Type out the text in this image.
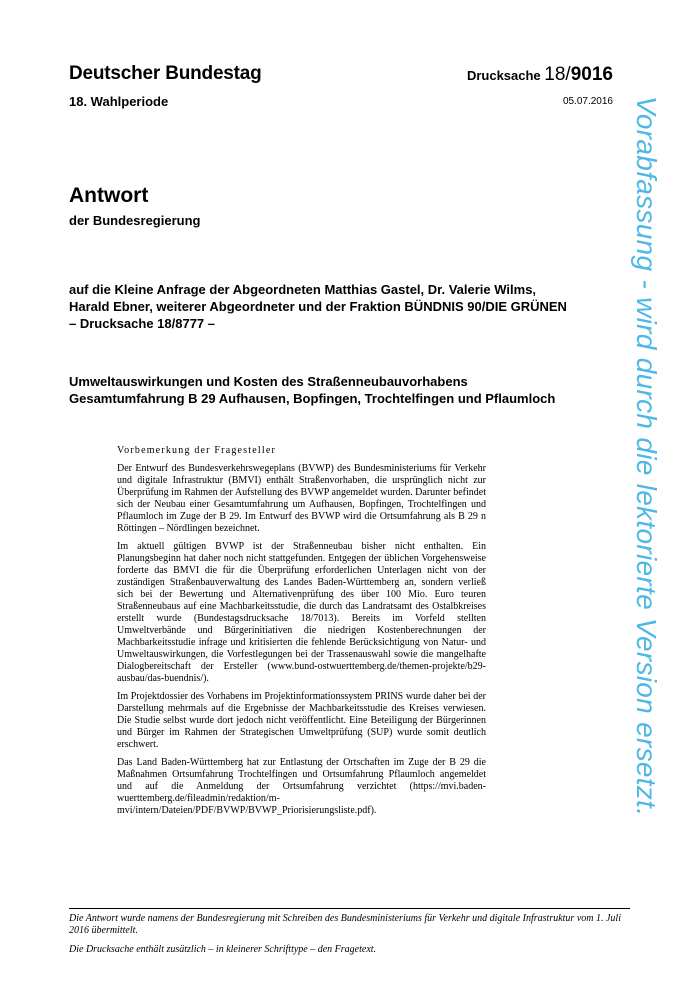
Deutscher Bundestag
18. Wahlperiode
Drucksache 18/9016
05.07.2016
Antwort
der Bundesregierung
auf die Kleine Anfrage der Abgeordneten Matthias Gastel, Dr. Valerie Wilms,
Harald Ebner, weiterer Abgeordneter und der Fraktion BÜNDNIS 90/DIE GRÜNEN
– Drucksache 18/8777 –
Umweltauswirkungen und Kosten des Straßenneubauvorhabens
Gesamtumfahrung B 29 Aufhausen, Bopfingen, Trochtelfingen und Pflaumloch
Vorbemerkung der Fragesteller

Der Entwurf des Bundesverkehrswegeplans (BVWP) des Bundesministeriums für Verkehr und digitale Infrastruktur (BMVI) enthält Straßenvorhaben, die ursprünglich nicht zur Überprüfung im Rahmen der Aufstellung des BVWP angemeldet wurden. Darunter befindet sich der Neubau einer Gesamtumfahrung um Aufhausen, Bopfingen, Trochtelfingen und Pflaumloch im Zuge der B 29. Im Entwurf des BVWP wird die Ortsumfahrung als B 29 n Röttingen – Nördlingen bezeichnet.

Im aktuell gültigen BVWP ist der Straßenneubau bisher nicht enthalten. Ein Planungsbeginn hat daher noch nicht stattgefunden. Entgegen der üblichen Vorgehensweise forderte das BMVI die für die Überprüfung erforderlichen Unterlagen nicht von der zuständigen Straßenbauverwaltung des Landes Baden-Württemberg an, sondern verließ sich bei der Bewertung und Alternativenprüfung des über 100 Mio. Euro teuren Straßenneubaus auf eine Machbarkeitsstudie, die durch das Landratsamt des Ostalbkreises erstellt wurde (Bundestagsdrucksache 18/7013). Bereits im Vorfeld stellten Umweltverbände und Bürgerinitiativen die niedrigen Kostenberechnungen der Machbarkeitsstudie infrage und kritisierten die fehlende Berücksichtigung von Natur- und Umweltauswirkungen, die Vorfestlegungen bei der Trassenauswahl sowie die mangelhafte Dialogbereitschaft der Ersteller (www.bund-ostwuerttemberg.de/themen-projekte/b29-ausbau/das-buendnis/).

Im Projektdossier des Vorhabens im Projektinformationssystem PRINS wurde daher bei der Darstellung mehrmals auf die Ergebnisse der Machbarkeitsstudie des Kreises verwiesen. Die Studie selbst wurde dort jedoch nicht veröffentlicht. Eine Beteiligung der Bürgerinnen und Bürger im Rahmen der Strategischen Umweltprüfung (SUP) wurde somit deutlich erschwert.

Das Land Baden-Württemberg hat zur Entlastung der Ortschaften im Zuge der B 29 die Maßnahmen Ortsumfahrung Trochtelfingen und Ortsumfahrung Pflaumloch angemeldet und auf die Anmeldung der Ortsumfahrung verzichtet (https://mvi.baden-wuerttemberg.de/fileadmin/redaktion/m-mvi/intern/Dateien/PDF/BVWP/BVWP_Priorisierungsliste.pdf).

Die Antwort wurde namens der Bundesregierung mit Schreiben des Bundesministeriums für Verkehr und digitale Infrastruktur vom 1. Juli 2016 übermittelt.
Die Drucksache enthält zusätzlich – in kleinerer Schrifttype – den Fragetext.
Vorabfassung - wird durch die lektorierte Version ersetzt.
